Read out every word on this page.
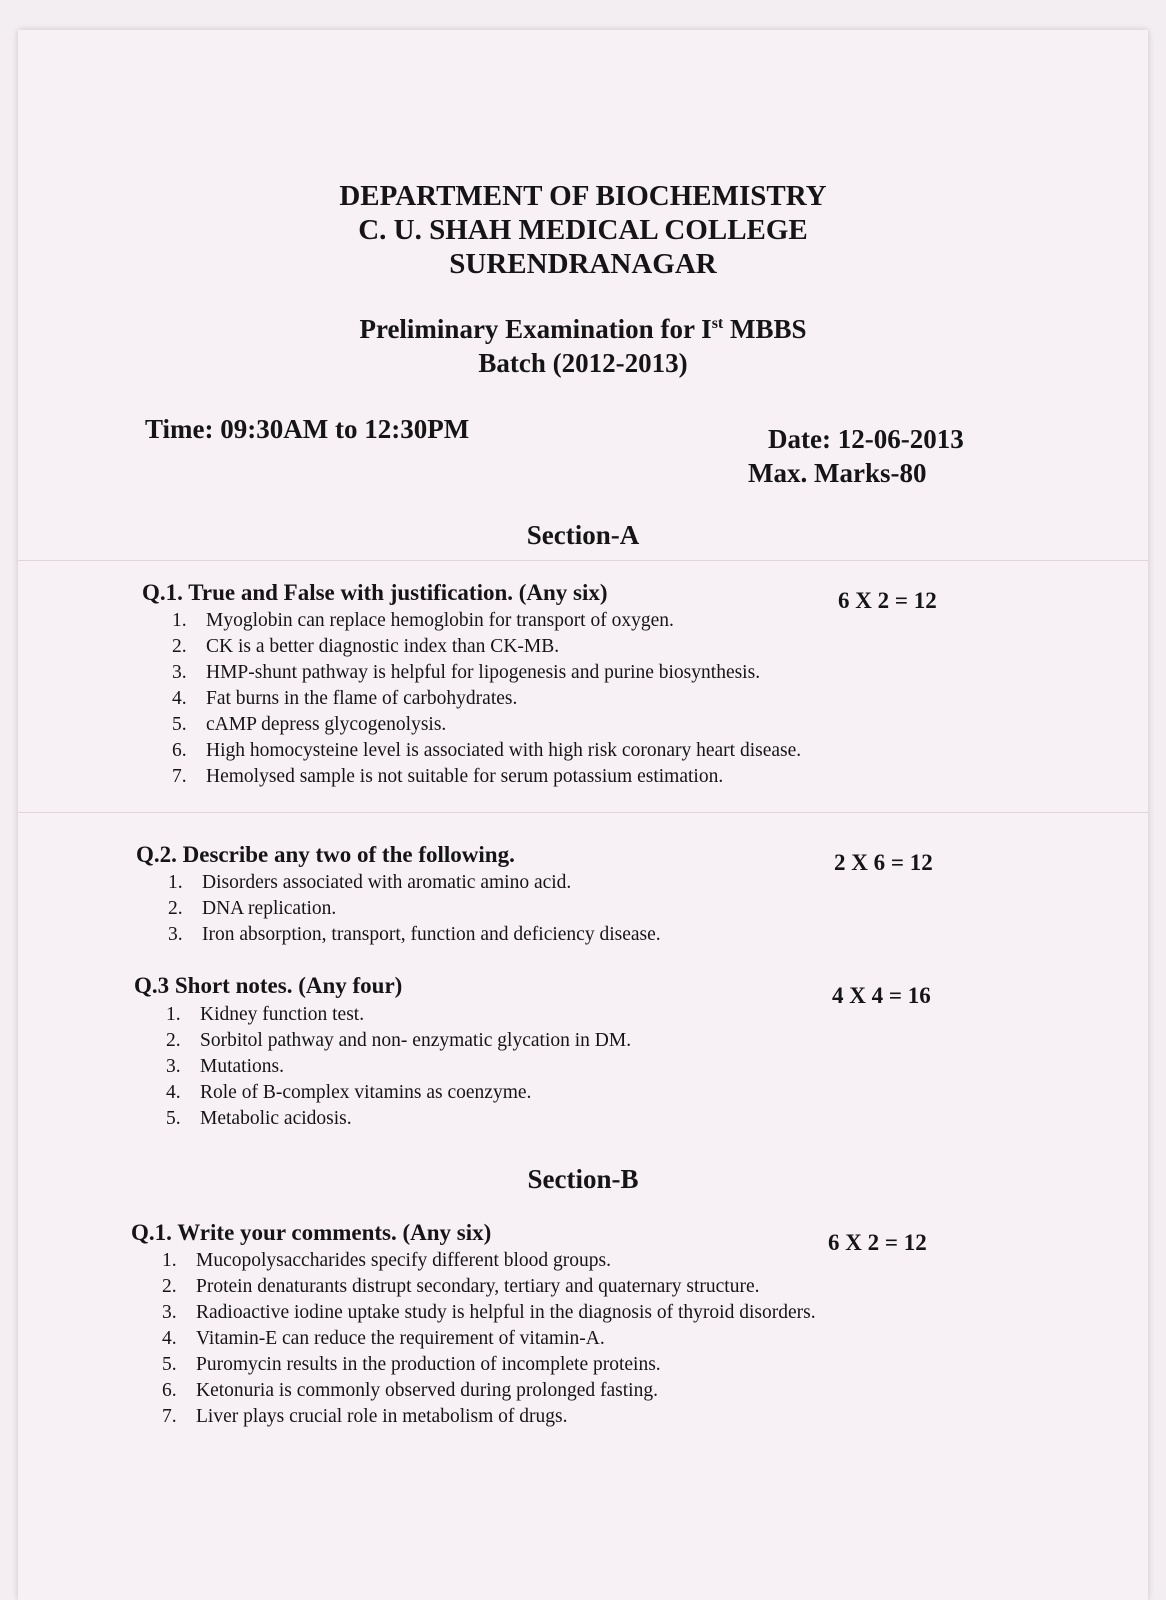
DEPARTMENT OF BIOCHEMISTRY
C. U. SHAH MEDICAL COLLEGE
SURENDRANAGAR
Preliminary Examination for Ist MBBS
Batch (2012-2013)
Time: 09:30AM to 12:30PM	Date: 12-06-2013
Max. Marks-80
Section-A
Q.1. True and False with justification. (Any six)	6 X 2 = 12
1. Myoglobin can replace hemoglobin for transport of oxygen.
2. CK is a better diagnostic index than CK-MB.
3. HMP-shunt pathway is helpful for lipogenesis and purine biosynthesis.
4. Fat burns in the flame of carbohydrates.
5. cAMP depress glycogenolysis.
6. High homocysteine level is associated with high risk coronary heart disease.
7. Hemolysed sample is not suitable for serum potassium estimation.
Q.2. Describe any two of the following.	2 X 6 = 12
1. Disorders associated with aromatic amino acid.
2. DNA replication.
3. Iron absorption, transport, function and deficiency disease.
Q.3 Short notes. (Any four)	4 X 4 = 16
1. Kidney function test.
2. Sorbitol pathway and non- enzymatic glycation in DM.
3. Mutations.
4. Role of B-complex vitamins as coenzyme.
5. Metabolic acidosis.
Section-B
Q.1. Write your comments. (Any six)	6 X 2 = 12
1. Mucopolysaccharides specify different blood groups.
2. Protein denaturants distrupt secondary, tertiary and quaternary structure.
3. Radioactive iodine uptake study is helpful in the diagnosis of thyroid disorders.
4. Vitamin-E can reduce the requirement of vitamin-A.
5. Puromycin results in the production of incomplete proteins.
6. Ketonuria is commonly observed during prolonged fasting.
7. Liver plays crucial role in metabolism of drugs.
